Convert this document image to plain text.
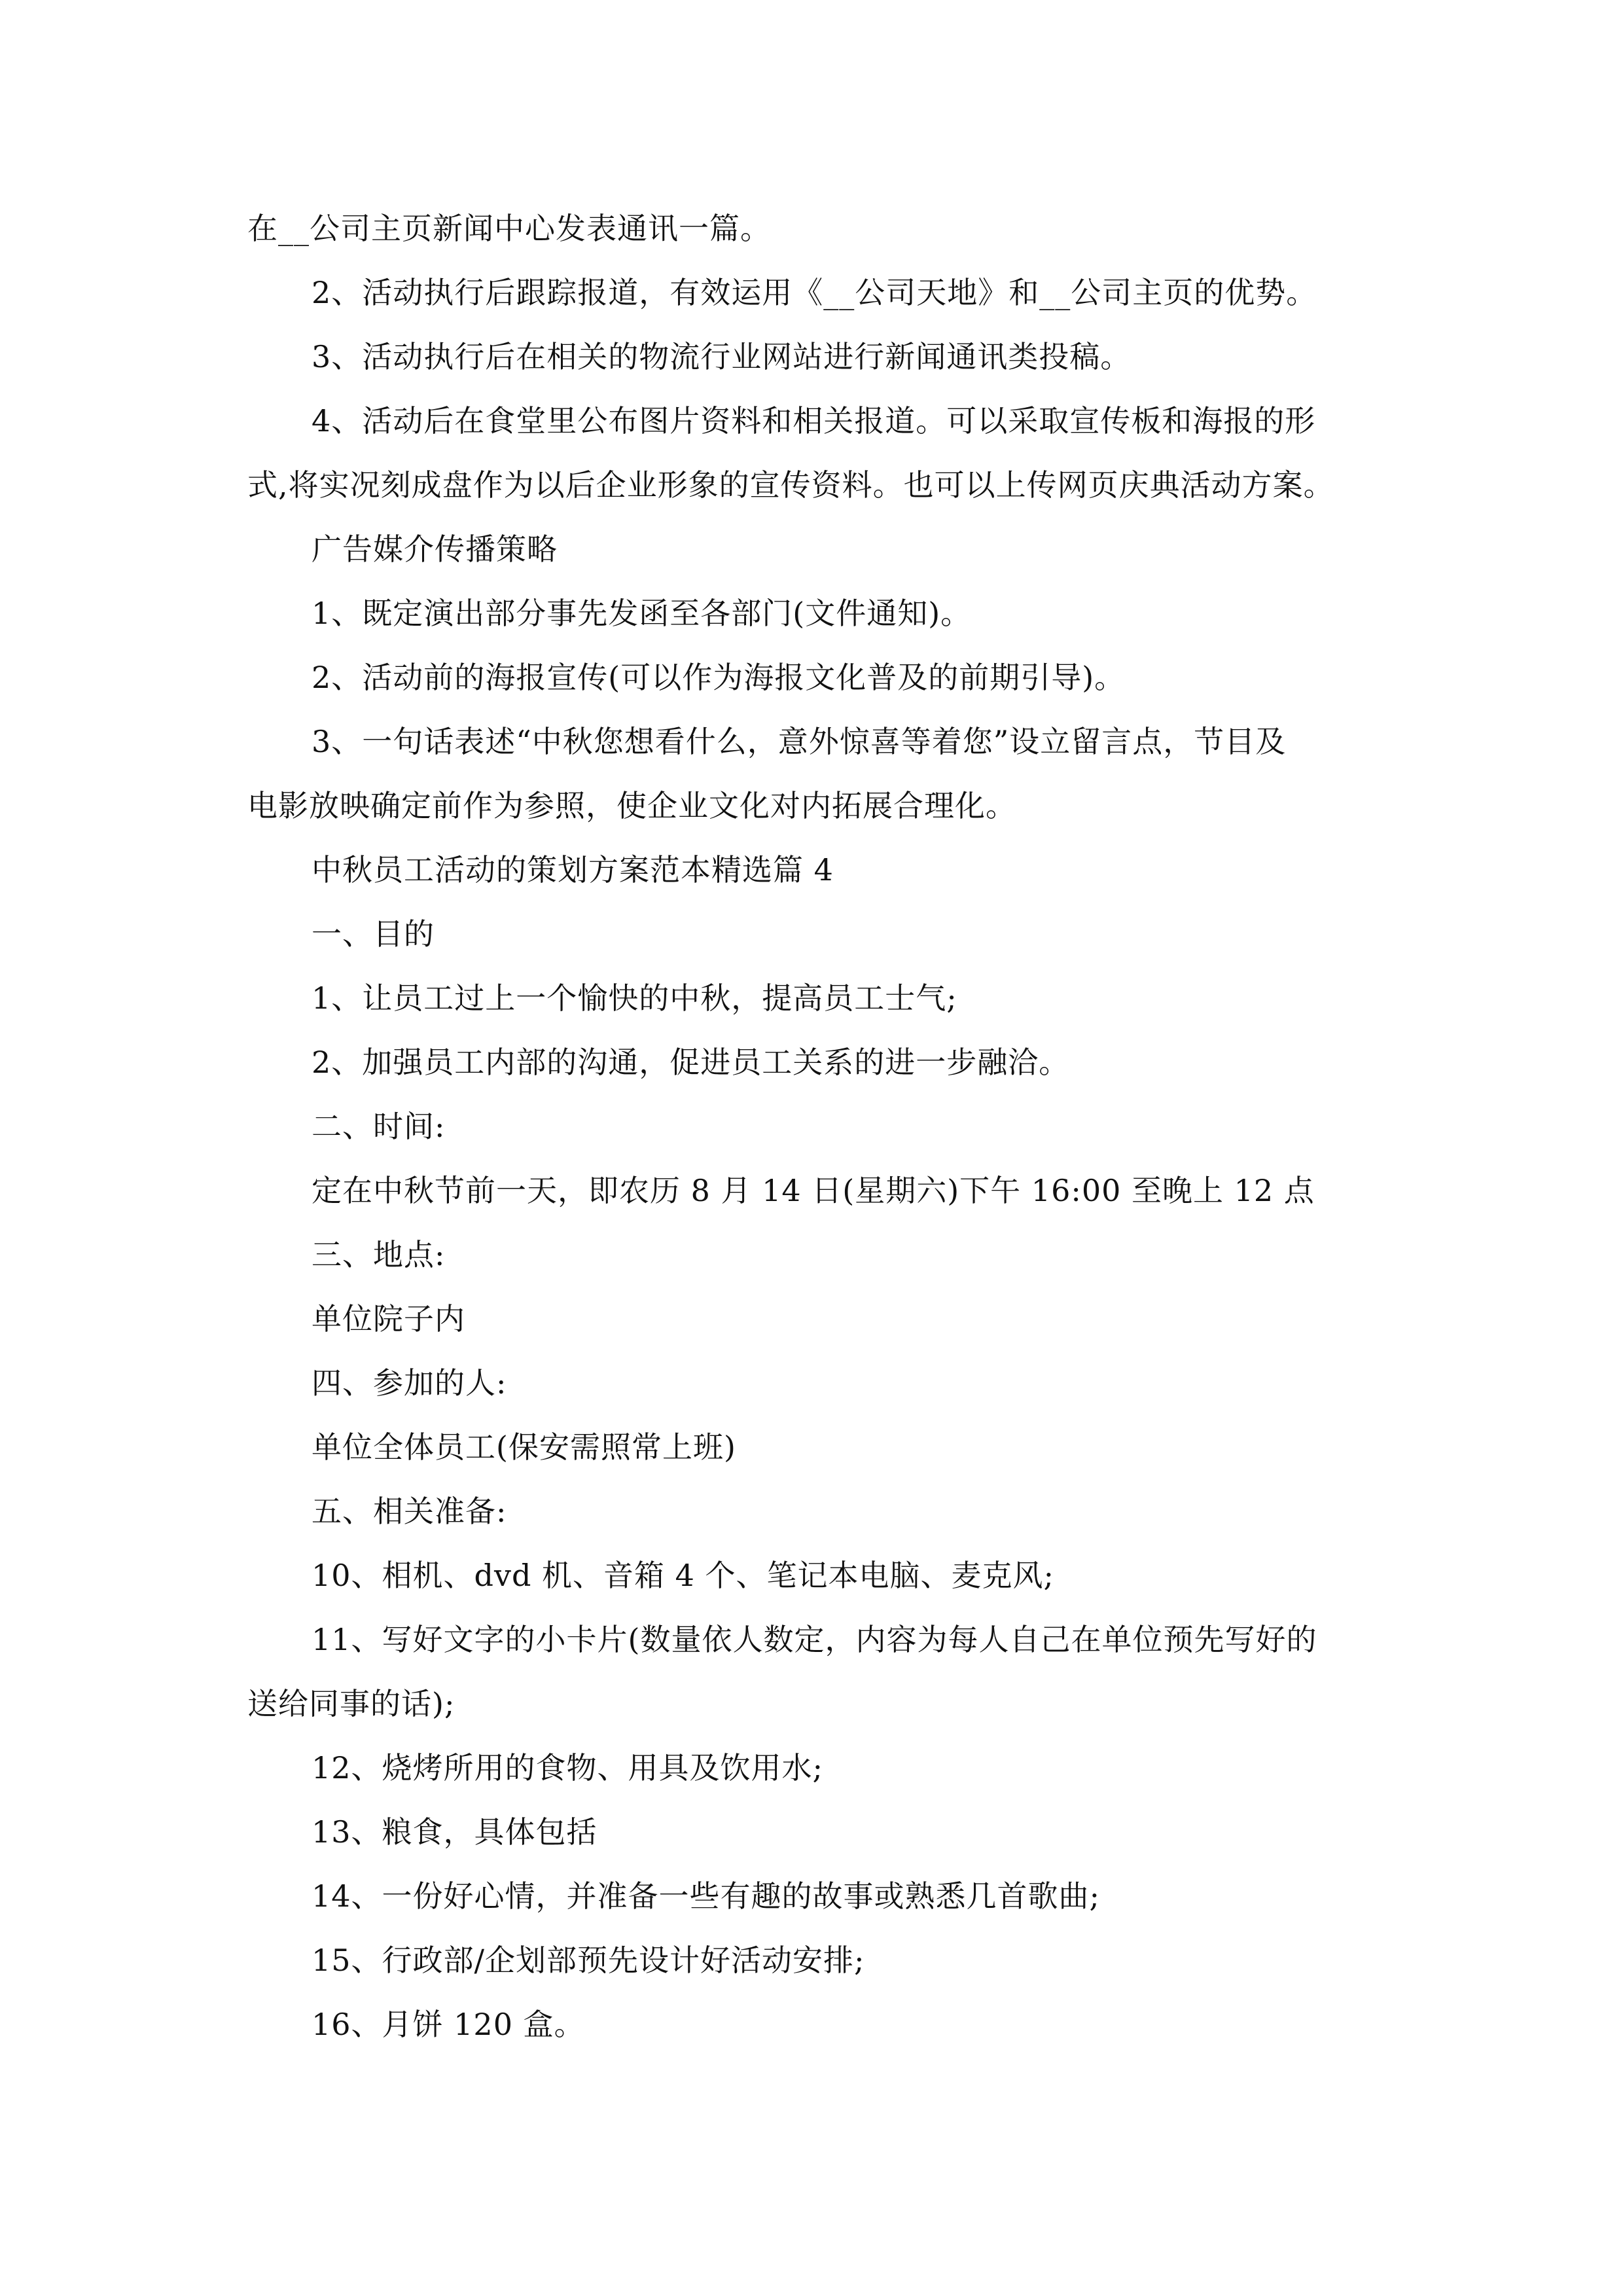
在__公司主页新闻中心发表通讯一篇。
2、活动执行后跟踪报道，有效运用《__公司天地》和__公司主页的优势。
3、活动执行后在相关的物流行业网站进行新闻通讯类投稿。
4、活动后在食堂里公布图片资料和相关报道。可以采取宣传板和海报的形
式,将实况刻成盘作为以后企业形象的宣传资料。也可以上传网页庆典活动方案。
广告媒介传播策略
1、既定演出部分事先发函至各部门(文件通知)。
2、活动前的海报宣传(可以作为海报文化普及的前期引导)。
3、一句话表述“中秋您想看什么，意外惊喜等着您”设立留言点，节目及
电影放映确定前作为参照，使企业文化对内拓展合理化。
中秋员工活动的策划方案范本精选篇 4
一、目的
1、让员工过上一个愉快的中秋，提高员工士气;
2、加强员工内部的沟通，促进员工关系的进一步融洽。
二、时间:
定在中秋节前一天，即农历 8 月 14 日(星期六)下午 16:00 至晚上 12 点
三、地点:
单位院子内
四、参加的人:
单位全体员工(保安需照常上班)
五、相关准备:
10、相机、dvd 机、音箱 4 个、笔记本电脑、麦克风;
11、写好文字的小卡片(数量依人数定，内容为每人自己在单位预先写好的
送给同事的话);
12、烧烤所用的食物、用具及饮用水;
13、粮食，具体包括
14、一份好心情，并准备一些有趣的故事或熟悉几首歌曲;
15、行政部/企划部预先设计好活动安排;
16、月饼 120 盒。
